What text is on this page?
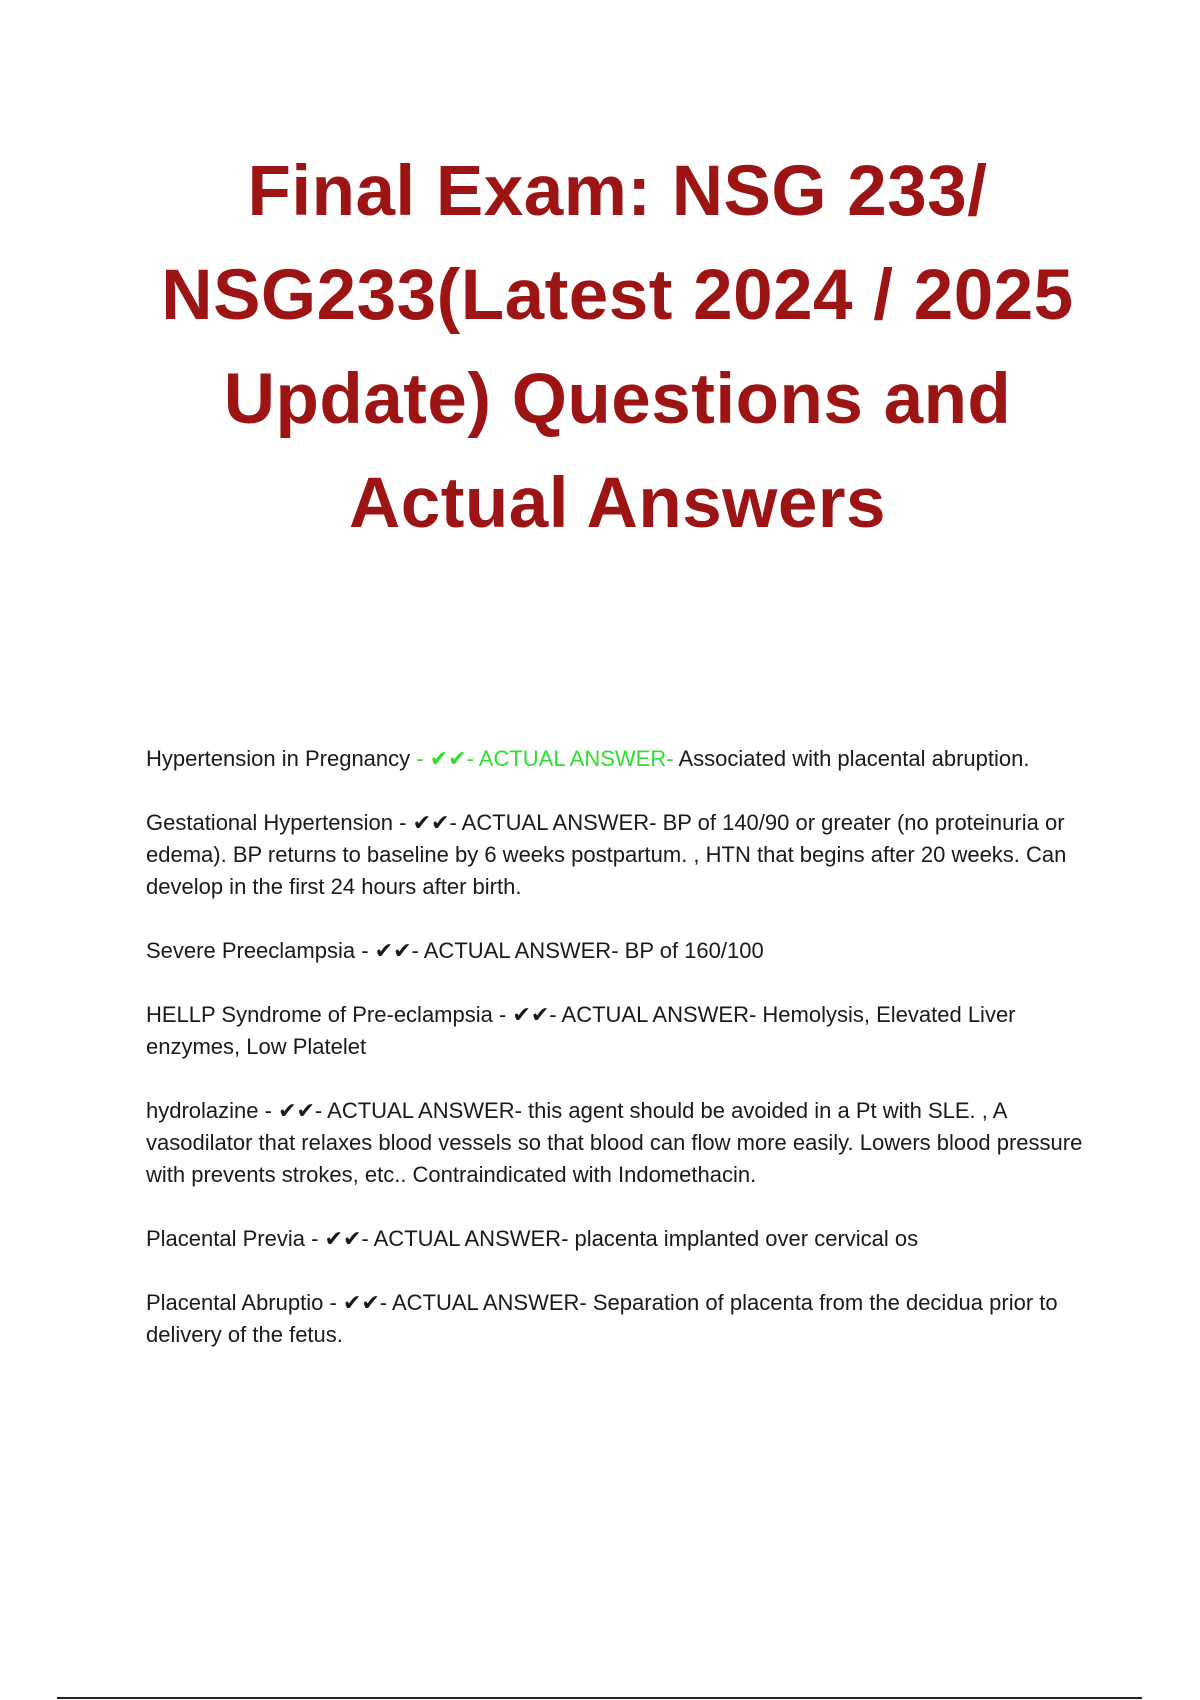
Final Exam: NSG 233/
NSG233(Latest 2024 / 2025
Update) Questions and
Actual Answers

Hypertension in Pregnancy - ✔✔- ACTUAL ANSWER- Associated with placental abruption.

Gestational Hypertension - ✔✔- ACTUAL ANSWER- BP of 140/90 or greater (no proteinuria or edema). BP returns to baseline by 6 weeks postpartum. , HTN that begins after 20 weeks. Can develop in the first 24 hours after birth.

Severe Preeclampsia - ✔✔- ACTUAL ANSWER- BP of 160/100

HELLP Syndrome of Pre-eclampsia - ✔✔- ACTUAL ANSWER- Hemolysis, Elevated Liver enzymes, Low Platelet

hydrolazine - ✔✔- ACTUAL ANSWER- this agent should be avoided in a Pt with SLE. , A vasodilator that relaxes blood vessels so that blood can flow more easily. Lowers blood pressure with prevents strokes, etc.. Contraindicated with Indomethacin.

Placental Previa - ✔✔- ACTUAL ANSWER- placenta implanted over cervical os

Placental Abruptio - ✔✔- ACTUAL ANSWER- Separation of placenta from the decidua prior to delivery of the fetus.
